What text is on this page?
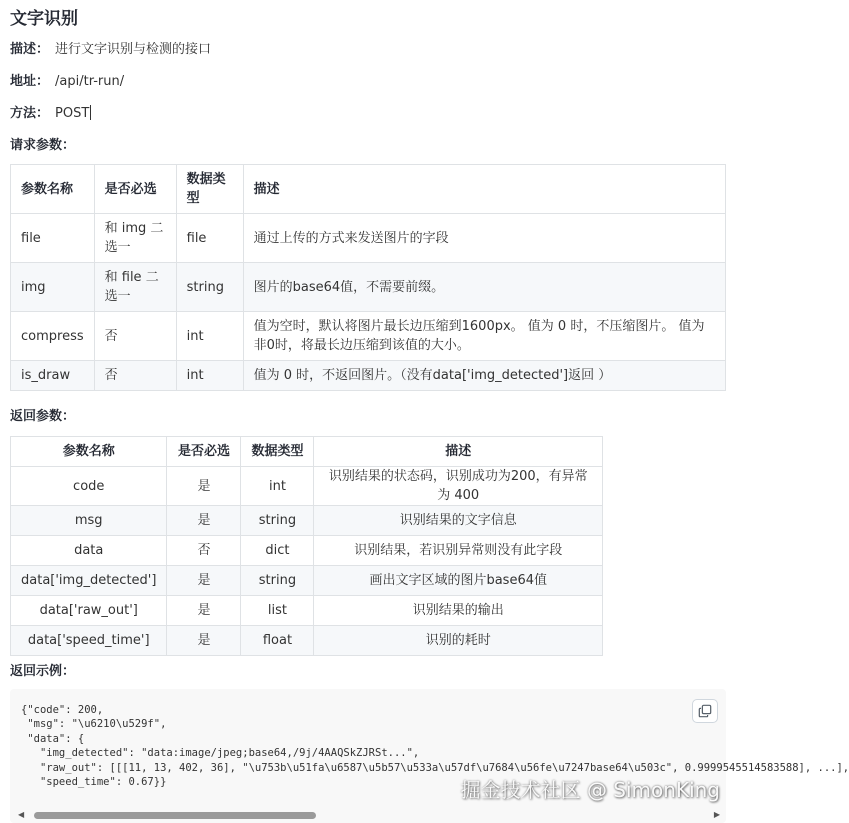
文字识别
描述： 进行文字识别与检测的接口
地址： /api/tr-run/
方法： POST
请求参数：
参数名称	是否必选	数据类型	描述
file	和 img 二选一	file	通过上传的方式来发送图片的字段
img	和 file 二选一	string	图片的base64值，不需要前缀。
compress	否	int	值为空时，默认将图片最长边压缩到1600px。 值为 0 时，不压缩图片。 值为非0时，将最长边压缩到该值的大小。
is_draw	否	int	值为 0 时，不返回图片。（没有data['img_detected']返回 ）
返回参数：
参数名称	是否必选	数据类型	描述
code	是	int	识别结果的状态码，识别成功为200，有异常为 400
msg	是	string	识别结果的文字信息
data	否	dict	识别结果，若识别异常则没有此字段
data['img_detected']	是	string	画出文字区域的图片base64值
data['raw_out']	是	list	识别结果的输出
data['speed_time']	是	float	识别的耗时
返回示例：
{"code": 200,
"msg": "\u6210\u529f",
"data": {
"img_detected": "data:image/jpeg;base64,/9j/4AAQSkZJRSt...",
"raw_out": [[[11, 13, 402, 36], "\u753b\u51fa\u6587\u5b57\u533a\u57df\u7684\u56fe\u7247base64\u503c", 0.9999545514583588], ...],
"speed_time": 0.67}}
◀	▶
掘金技术社区 @ SimonKing
